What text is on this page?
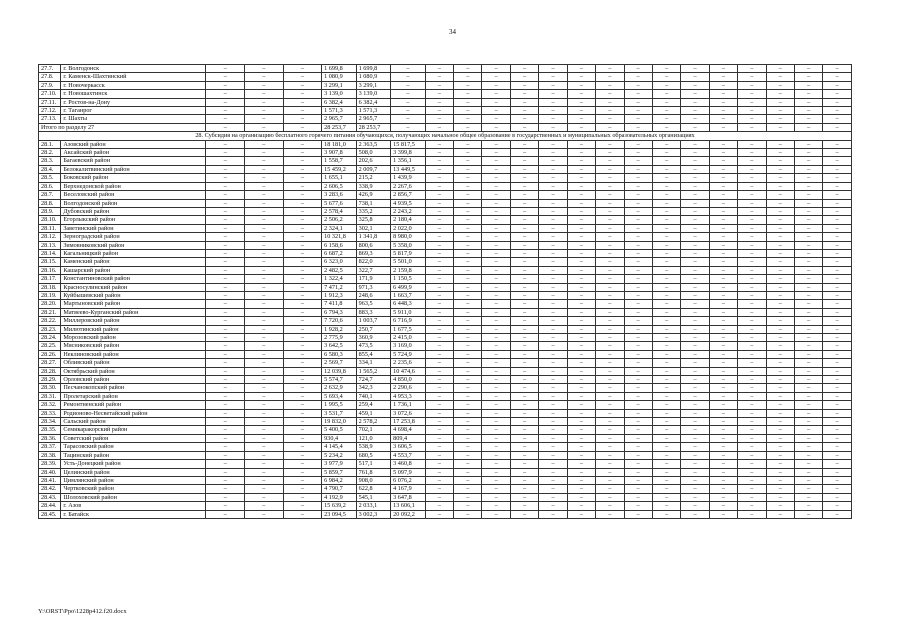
34
27.7.	г. Волгодонск	–	–	–	1 699,8	1 699,8	–	–	–	–	–	–	–	–	–	–	–	–	–	–	–	–
27.8.	г. Каменск-Шахтинский	–	–	–	1 080,9	1 080,9	–	–	–	–	–	–	–	–	–	–	–	–	–	–	–	–
27.9.	г. Новочеркасск	–	–	–	3 299,1	3 299,1	–	–	–	–	–	–	–	–	–	–	–	–	–	–	–	–
27.10.	г. Новошахтинск	–	–	–	3 139,0	3 139,0	–	–	–	–	–	–	–	–	–	–	–	–	–	–	–	–
27.11.	г. Ростов-на-Дону	–	–	–	6 382,4	6 382,4	–	–	–	–	–	–	–	–	–	–	–	–	–	–	–	–
27.12.	г. Таганрог	–	–	–	1 571,3	1 571,3	–	–	–	–	–	–	–	–	–	–	–	–	–	–	–	–
27.13.	г. Шахты	–	–	–	2 965,7	2 965,7	–	–	–	–	–	–	–	–	–	–	–	–	–	–	–	–
Итого по разделу 27		–	–	–	28 253,7	28 253,7	–	–	–	–	–	–	–	–	–	–	–	–	–	–	–	–
28. Субсидия на организацию бесплатного горячего питания обучающихся, получающих начальное общее образование в государственных и муниципальных образовательных организациях																						
28.1.	Азовский район	–	–	–	18 181,0	2 363,5	15 817,5	–	–	–	–	–	–	–	–	–	–	–	–	–	–	–
28.2.	Аксайский район	–	–	–	3 907,8	508,0	3 399,8	–	–	–	–	–	–	–	–	–	–	–	–	–	–	–
28.3.	Багаевский район	–	–	–	1 558,7	202,6	1 356,1	–	–	–	–	–	–	–	–	–	–	–	–	–	–	–
28.4.	Белокалитвинский район	–	–	–	15 459,2	2 009,7	13 449,5	–	–	–	–	–	–	–	–	–	–	–	–	–	–	–
28.5.	Боковский район	–	–	–	1 655,1	215,2	1 439,9	–	–	–	–	–	–	–	–	–	–	–	–	–	–	–
28.6.	Верхнедонской район	–	–	–	2 606,5	338,9	2 267,6	–	–	–	–	–	–	–	–	–	–	–	–	–	–	–
28.7.	Веселовский район	–	–	–	3 283,6	426,9	2 856,7	–	–	–	–	–	–	–	–	–	–	–	–	–	–	–
28.8.	Волгодонской район	–	–	–	5 677,6	738,1	4 939,5	–	–	–	–	–	–	–	–	–	–	–	–	–	–	–
28.9.	Дубовский район	–	–	–	2 578,4	335,2	2 243,2	–	–	–	–	–	–	–	–	–	–	–	–	–	–	–
28.10.	Егорлыкский район	–	–	–	2 506,2	325,8	2 180,4	–	–	–	–	–	–	–	–	–	–	–	–	–	–	–
28.11.	Заветинский район	–	–	–	2 324,1	302,1	2 022,0	–	–	–	–	–	–	–	–	–	–	–	–	–	–	–
28.12.	Зерноградский район	–	–	–	10 321,8	1 341,8	8 980,0	–	–	–	–	–	–	–	–	–	–	–	–	–	–	–
28.13.	Зимовниковский район	–	–	–	6 158,6	800,6	5 358,0	–	–	–	–	–	–	–	–	–	–	–	–	–	–	–
28.14.	Кагальницкий район	–	–	–	6 687,2	869,3	5 817,9	–	–	–	–	–	–	–	–	–	–	–	–	–	–	–
28.15.	Каменский район	–	–	–	6 323,0	822,0	5 501,0	–	–	–	–	–	–	–	–	–	–	–	–	–	–	–
28.16.	Кашарский район	–	–	–	2 482,5	322,7	2 159,8	–	–	–	–	–	–	–	–	–	–	–	–	–	–	–
28.17.	Константиновский район	–	–	–	1 322,4	171,9	1 150,5	–	–	–	–	–	–	–	–	–	–	–	–	–	–	–
28.18.	Красносулинский район	–	–	–	7 471,2	971,3	6 499,9	–	–	–	–	–	–	–	–	–	–	–	–	–	–	–
28.19.	Куйбышевский район	–	–	–	1 912,3	248,6	1 663,7	–	–	–	–	–	–	–	–	–	–	–	–	–	–	–
28.20.	Мартыновский район	–	–	–	7 411,8	963,5	6 448,3	–	–	–	–	–	–	–	–	–	–	–	–	–	–	–
28.21.	Матвеево-Курганский район	–	–	–	6 794,3	883,3	5 911,0	–	–	–	–	–	–	–	–	–	–	–	–	–	–	–
28.22.	Миллеровский район	–	–	–	7 720,6	1 003,7	6 716,9	–	–	–	–	–	–	–	–	–	–	–	–	–	–	–
28.23.	Милютинский район	–	–	–	1 928,2	250,7	1 677,5	–	–	–	–	–	–	–	–	–	–	–	–	–	–	–
28.24.	Морозовский район	–	–	–	2 775,9	360,9	2 415,0	–	–	–	–	–	–	–	–	–	–	–	–	–	–	–
28.25.	Мясниковский район	–	–	–	3 642,5	473,5	3 169,0	–	–	–	–	–	–	–	–	–	–	–	–	–	–	–
28.26.	Неклиновский район	–	–	–	6 580,3	855,4	5 724,9	–	–	–	–	–	–	–	–	–	–	–	–	–	–	–
28.27.	Обливский район	–	–	–	2 569,7	334,1	2 235,6	–	–	–	–	–	–	–	–	–	–	–	–	–	–	–
28.28.	Октябрьский район	–	–	–	12 039,8	1 565,2	10 474,6	–	–	–	–	–	–	–	–	–	–	–	–	–	–	–
28.29.	Орловский район	–	–	–	5 574,7	724,7	4 850,0	–	–	–	–	–	–	–	–	–	–	–	–	–	–	–
28.30.	Песчанокопский район	–	–	–	2 632,9	342,3	2 290,6	–	–	–	–	–	–	–	–	–	–	–	–	–	–	–
28.31.	Пролетарский район	–	–	–	5 693,4	740,1	4 953,3	–	–	–	–	–	–	–	–	–	–	–	–	–	–	–
28.32.	Ремонтненский район	–	–	–	1 995,5	259,4	1 736,1	–	–	–	–	–	–	–	–	–	–	–	–	–	–	–
28.33.	Родионово-Несветайский район	–	–	–	3 531,7	459,1	3 072,6	–	–	–	–	–	–	–	–	–	–	–	–	–	–	–
28.34.	Сальский район	–	–	–	19 832,0	2 578,2	17 253,8	–	–	–	–	–	–	–	–	–	–	–	–	–	–	–
28.35.	Семикаракорский район	–	–	–	5 400,5	702,1	4 698,4	–	–	–	–	–	–	–	–	–	–	–	–	–	–	–
28.36.	Советский район	–	–	–	930,4	121,0	809,4	–	–	–	–	–	–	–	–	–	–	–	–	–	–	–
28.37.	Тарасовский район	–	–	–	4 145,4	538,9	3 606,5	–	–	–	–	–	–	–	–	–	–	–	–	–	–	–
28.38.	Тацинский район	–	–	–	5 234,2	680,5	4 553,7	–	–	–	–	–	–	–	–	–	–	–	–	–	–	–
28.39.	Усть-Донецкий район	–	–	–	3 977,9	517,1	3 460,8	–	–	–	–	–	–	–	–	–	–	–	–	–	–	–
28.40.	Целинский район	–	–	–	5 859,7	761,8	5 097,9	–	–	–	–	–	–	–	–	–	–	–	–	–	–	–
28.41.	Цимлянский район	–	–	–	6 984,2	908,0	6 076,2	–	–	–	–	–	–	–	–	–	–	–	–	–	–	–
28.42.	Чертковский район	–	–	–	4 790,7	622,8	4 167,9	–	–	–	–	–	–	–	–	–	–	–	–	–	–	–
28.43.	Шолоховский район	–	–	–	4 192,9	545,1	3 647,8	–	–	–	–	–	–	–	–	–	–	–	–	–	–	–
28.44.	г. Азов	–	–	–	15 639,2	2 033,1	13 606,1	–	–	–	–	–	–	–	–	–	–	–	–	–	–	–
28.45.	г. Батайск	–	–	–	23 094,5	3 002,3	20 092,2	–	–	–	–	–	–	–	–	–	–	–	–	–	–	–
Y:\ORST\Ppo\1228p412.f20.docx
